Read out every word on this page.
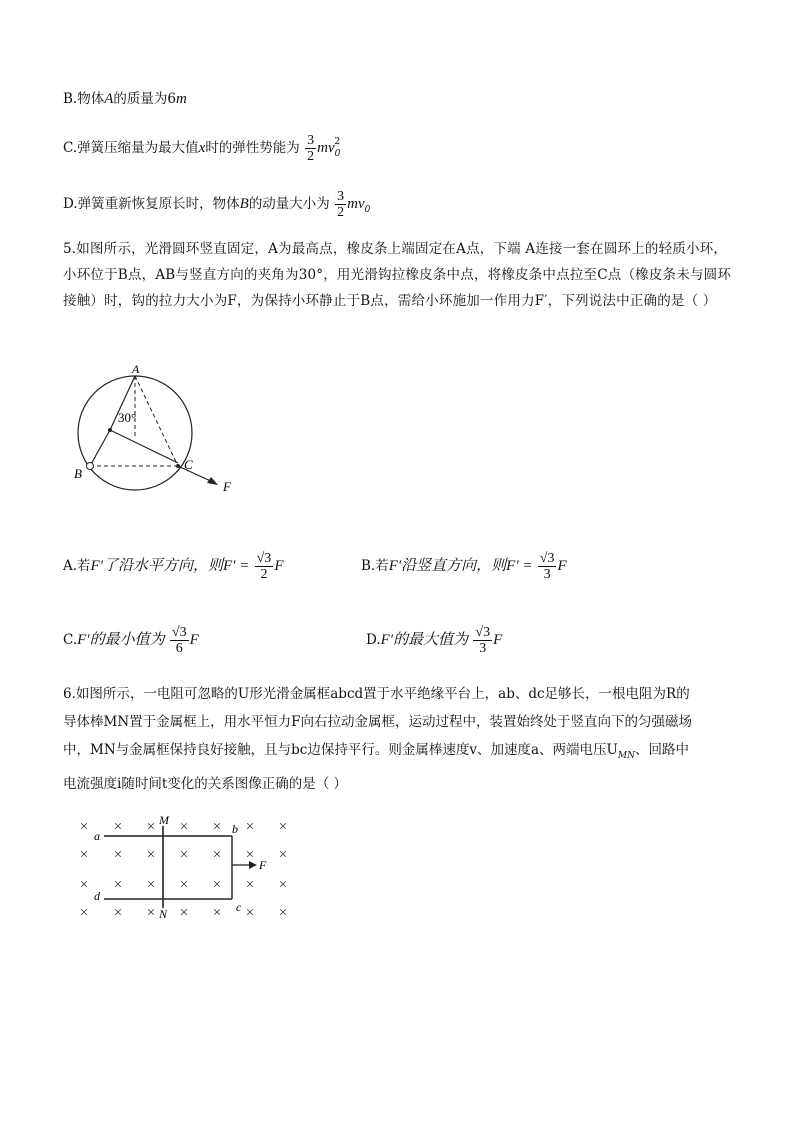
B.物体A的质量为6m
C.弹簧压缩量为最大值x时的弹性势能为 $\frac{3}{2} mv_0^2$
D.弹簧重新恢复原长时，物体B的动量大小为 $\frac{3}{2} mv_0$
5.如图所示，光滑圆环竖直固定，A为最高点，橡皮条上端固定在A点，下端 A连接一套在圆环上的轻质小环，小环位于B点，AB与竖直方向的夹角为30°，用光滑钩拉橡皮条中点，将橡皮条中点拉至C点（橡皮条未与圆环接触）时，钩的拉力大小为F，为保持小环静止于B点，需给小环施加一作用力F′，下列说法中正确的是（ ）
A
B
C
F
30°
A.若F′了沿水平方向，则$F' = \frac{√3}{2}$ F	B.若F′沿竖直方向，则$F' = \frac{√3}{3}$ F
C.F′的最小值为 $\frac{√3}{6}$ F	D.F′的最大值为 $\frac{√3}{3}$ F
6.如图所示，一电阻可忽略的U形光滑金属框abcd置于水平绝缘平台上，ab、dc足够长，一根电阻为R的
导体棒MN置于金属框上，用水平恒力F向右拉动金属框，运动过程中，装置始终处于竖直向下的匀强磁场
中，MN与金属框保持良好接触，且与bc边保持平行。则金属棒速度v、加速度a、两端电压$U_{MN}$、回路中
电流强度i随时间t变化的关系图像正确的是（ ）
× × × × × × ×
× × × × × × ×
× × × × × × ×
× × × × × × ×
a	b
c
d
M
N
F
